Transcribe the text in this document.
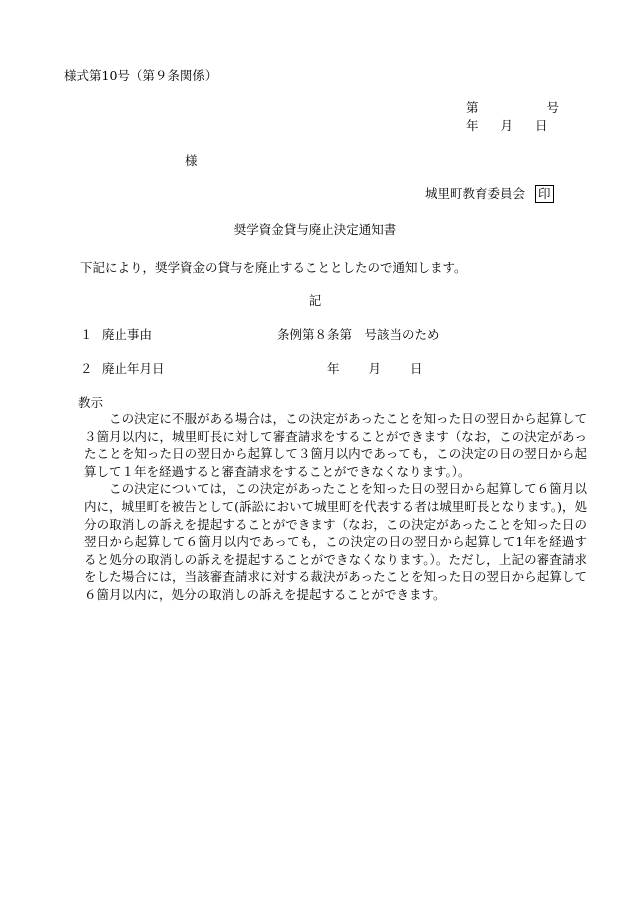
様式第10号（第９条関係）
第	号
年 月 日
様
城里町教育委員会 印
奨学資金貸与廃止決定通知書
下記により，奨学資金の貸与を廃止することとしたので通知します。
記
１ 廃止事由	条例第８条第　号該当のため
２ 廃止年月日	年 月 日
教示

この決定に不服がある場合は，この決定があったことを知った日の翌日から起算して３箇月以内に，城里町長に対して審査請求をすることができます（なお，この決定があったことを知った日の翌日から起算して３箇月以内であっても，この決定の日の翌日から起算して１年を経過すると審査請求をすることができなくなります。）。

この決定については，この決定があったことを知った日の翌日から起算して６箇月以内に，城里町を被告として(訴訟において城里町を代表する者は城里町長となります。)，処分の取消しの訴えを提起することができます（なお，この決定があったことを知った日の翌日から起算して６箇月以内であっても，この決定の日の翌日から起算して1年を経過すると処分の取消しの訴えを提起することができなくなります。）。ただし，上記の審査請求をした場合には，当該審査請求に対する裁決があったことを知った日の翌日から起算して６箇月以内に，処分の取消しの訴えを提起することができます。
